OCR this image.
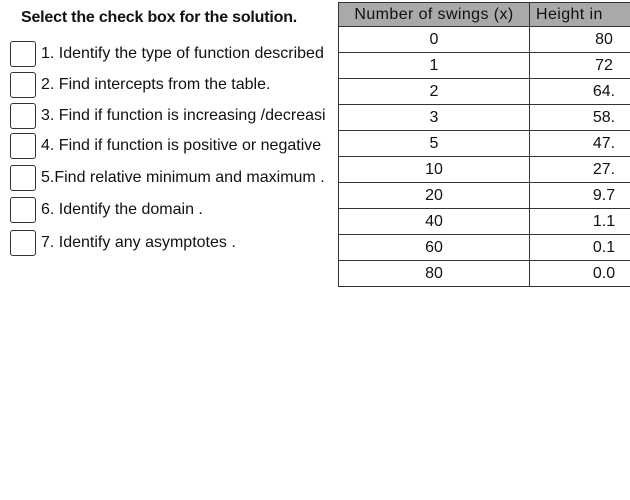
Select the check box for the solution.
1. Identify the type of function described
2. Find intercepts from the table.
3. Find if function is increasing /decreasi
4. Find if function is positive or negative
5.Find relative minimum and maximum .
6. Identify the domain .
7. Identify any asymptotes .
Number of swings (x)	Height in
0	80
1	72
2	64.
3	58.
5	47.
10	27.
20	9.7
40	1.1
60	0.1
80	0.0
